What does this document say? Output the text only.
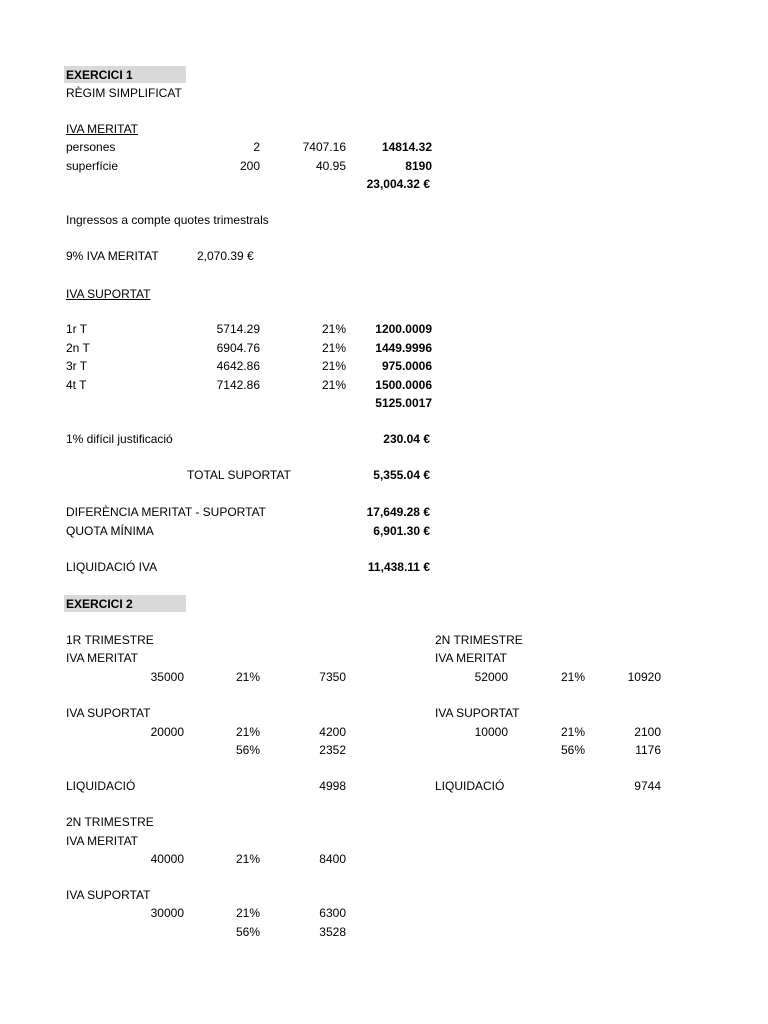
EXERCICI 1
RÈGIM SIMPLIFICAT
IVA MERITAT
persones	2	7407.16	14814.32
superfície	200	40.95	8190
23,004.32 €
Ingressos a compte quotes trimestrals
9% IVA MERITAT	2,070.39 €
IVA SUPORTAT
1r T	5714.29	21%	1200.0009
2n T	6904.76	21%	1449.9996
3r T	4642.86	21%	975.0006
4t T	7142.86	21%	1500.0006
5125.0017
1% difícil justificació	230.04 €
TOTAL SUPORTAT	5,355.04 €
DIFERÈNCIA MERITAT - SUPORTAT	17,649.28 €
QUOTA MÍNIMA	6,901.30 €
LIQUIDACIÓ IVA	11,438.11 €
EXERCICI 2
1R TRIMESTRE
IVA MERITAT
35000	21%	7350
IVA SUPORTAT
20000	21%	4200
56%	2352
LIQUIDACIÓ	4998
2N TRIMESTRE
IVA MERITAT
52000	21%	10920
IVA SUPORTAT
10000	21%	2100
56%	1176
LIQUIDACIÓ	9744
2N TRIMESTRE
IVA MERITAT
40000	21%	8400
IVA SUPORTAT
30000	21%	6300
56%	3528
